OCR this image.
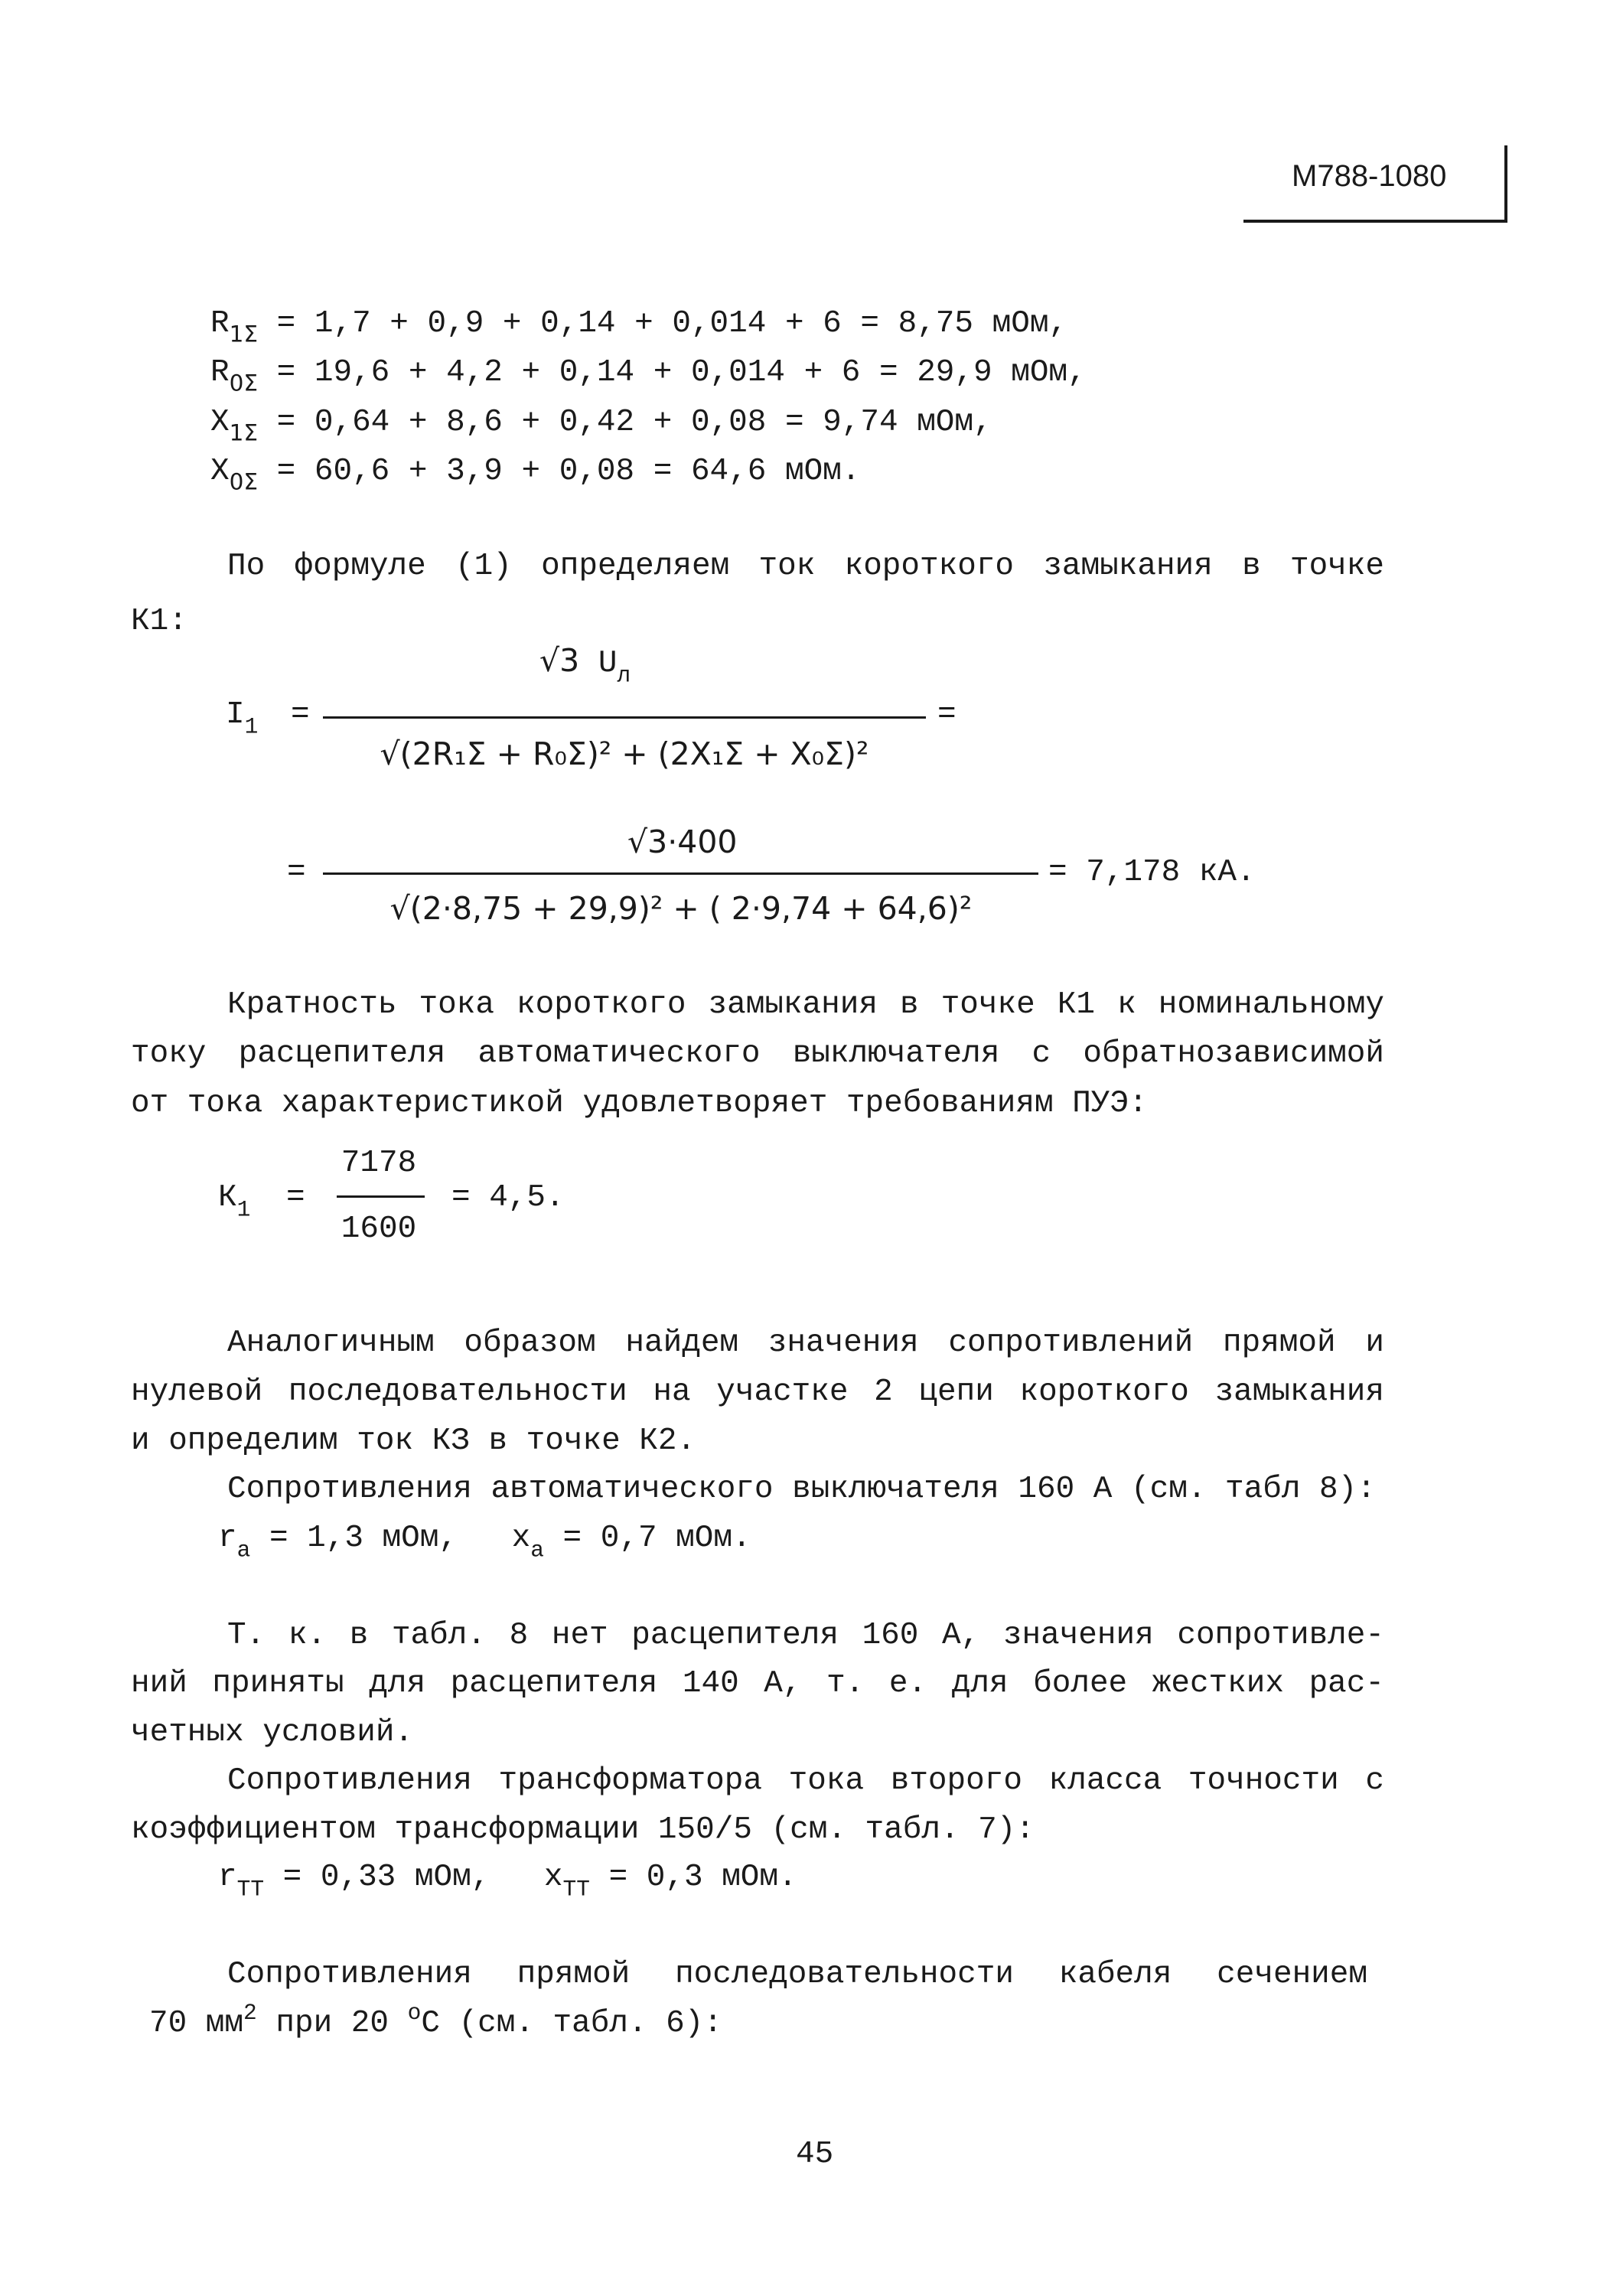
М788-1080
$R_{1\Sigma} = 1,7 + 0,9 + 0,14 + 0,014 + 6 = 8,75$ мОм,
$R_{0\Sigma} = 19,6 + 4,2 + 0,14 + 0,014 + 6 = 29,9$ мОм,
$X_{1\Sigma} = 0,64 + 8,6 + 0,42 + 0,08 = 9,74$ мОм,
$X_{0\Sigma} = 60,6 + 3,9 + 0,08 = 64,6$ мОм.
По формуле (1) определяем ток короткого замыкания в точке
К1:
$I_1$ =
√3 $U_л$
√(2R₁Σ + R₀Σ)² + (2X₁Σ + X₀Σ)²
=
=
√3·400
√(2·8,75 + 29,9)² + ( 2·9,74 + 64,6)²
= 7,178 кА.
Кратность тока короткого замыкания в точке К1 к номинальному
току расцепителя автоматического выключателя с обратнозависимой
от тока характеристикой удовлетворяет требованиям ПУЭ:
$К_1$ =
7178
1600
= 4,5.
Аналогичным образом найдем значения сопротивлений прямой и
нулевой последовательности на участке 2 цепи короткого замыкания
и определим ток КЗ в точке К2.
Сопротивления автоматического выключателя 160 А (см. табл 8):
$r_a = 1,3$ мОм, $x_a = 0,7$ мОм.
Т. к. в табл. 8 нет расцепителя 160 А, значения сопротивле-
ний приняты для расцепителя 140 А, т. е. для более жестких рас-
четных условий.
Сопротивления трансформатора тока второго класса точности с
коэффициентом трансформации 150/5 (см. табл. 7):
$r_{ТТ} = 0,33$ мОм, $x_{ТТ} = 0,3$ мОм.
Сопротивления прямой последовательности кабеля сечением
70 $мм^2$ при 20 $^о$С (см. табл. 6):
45
